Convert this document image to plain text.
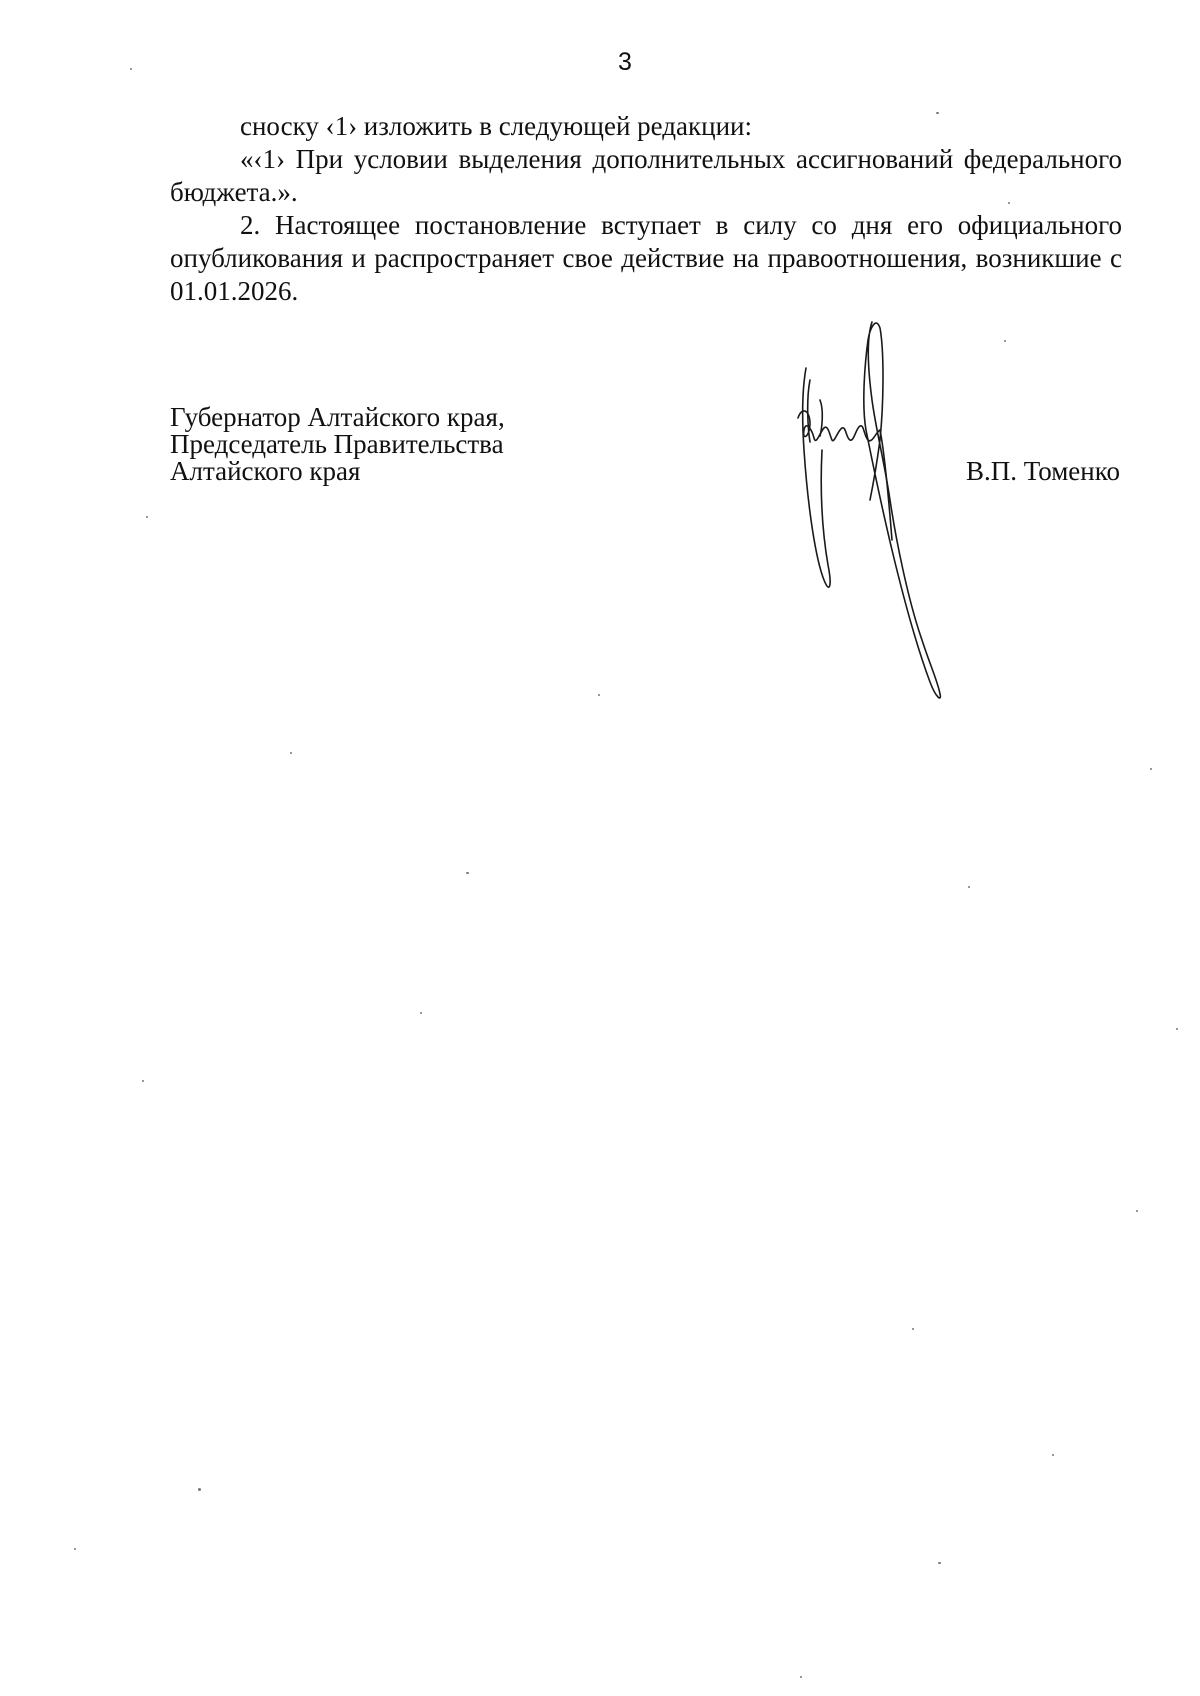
3

сноску ‹1› изложить в следующей редакции:

«‹1› При условии выделения дополнительных ассигнований федерального бюджета.».

2. Настоящее постановление вступает в силу со дня его официального опубликования и распространяет свое действие на правоотношения, возникшие с 01.01.2026.

Губернатор Алтайского края,
Председатель Правительства
Алтайского края	В.П. Томенко
